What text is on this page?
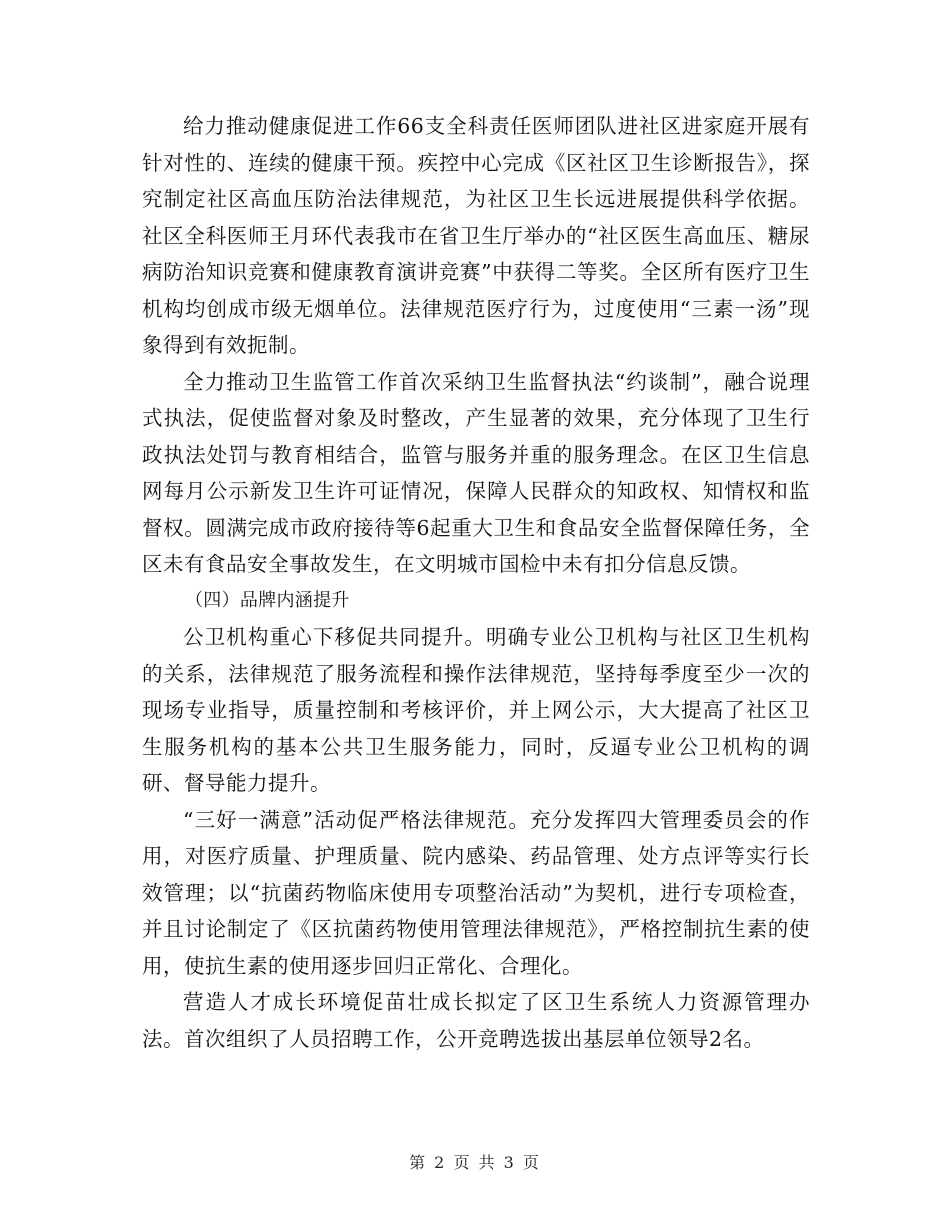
给力推动健康促进工作66支全科责任医师团队进社区进家庭开展有针对性的、连续的健康干预。疾控中心完成《区社区卫生诊断报告》，探究制定社区高血压防治法律规范，为社区卫生长远进展提供科学依据。社区全科医师王月环代表我市在省卫生厅举办的“社区医生高血压、糖尿病防治知识竞赛和健康教育演讲竞赛”中获得二等奖。全区所有医疗卫生机构均创成市级无烟单位。法律规范医疗行为，过度使用“三素一汤”现象得到有效扼制。

全力推动卫生监管工作首次采纳卫生监督执法“约谈制”，融合说理式执法，促使监督对象及时整改，产生显著的效果，充分体现了卫生行政执法处罚与教育相结合，监管与服务并重的服务理念。在区卫生信息网每月公示新发卫生许可证情况，保障人民群众的知政权、知情权和监督权。圆满完成市政府接待等6起重大卫生和食品安全监督保障任务，全区未有食品安全事故发生，在文明城市国检中未有扣分信息反馈。

（四）品牌内涵提升

公卫机构重心下移促共同提升。明确专业公卫机构与社区卫生机构的关系，法律规范了服务流程和操作法律规范，坚持每季度至少一次的现场专业指导，质量控制和考核评价，并上网公示，大大提高了社区卫生服务机构的基本公共卫生服务能力，同时，反逼专业公卫机构的调研、督导能力提升。

“三好一满意”活动促严格法律规范。充分发挥四大管理委员会的作用，对医疗质量、护理质量、院内感染、药品管理、处方点评等实行长效管理；以“抗菌药物临床使用专项整治活动”为契机，进行专项检查，并且讨论制定了《区抗菌药物使用管理法律规范》，严格控制抗生素的使用，使抗生素的使用逐步回归正常化、合理化。

营造人才成长环境促苗壮成长拟定了区卫生系统人力资源管理办法。首次组织了人员招聘工作，公开竞聘选拔出基层单位领导2名。

第 2 页 共 3 页
